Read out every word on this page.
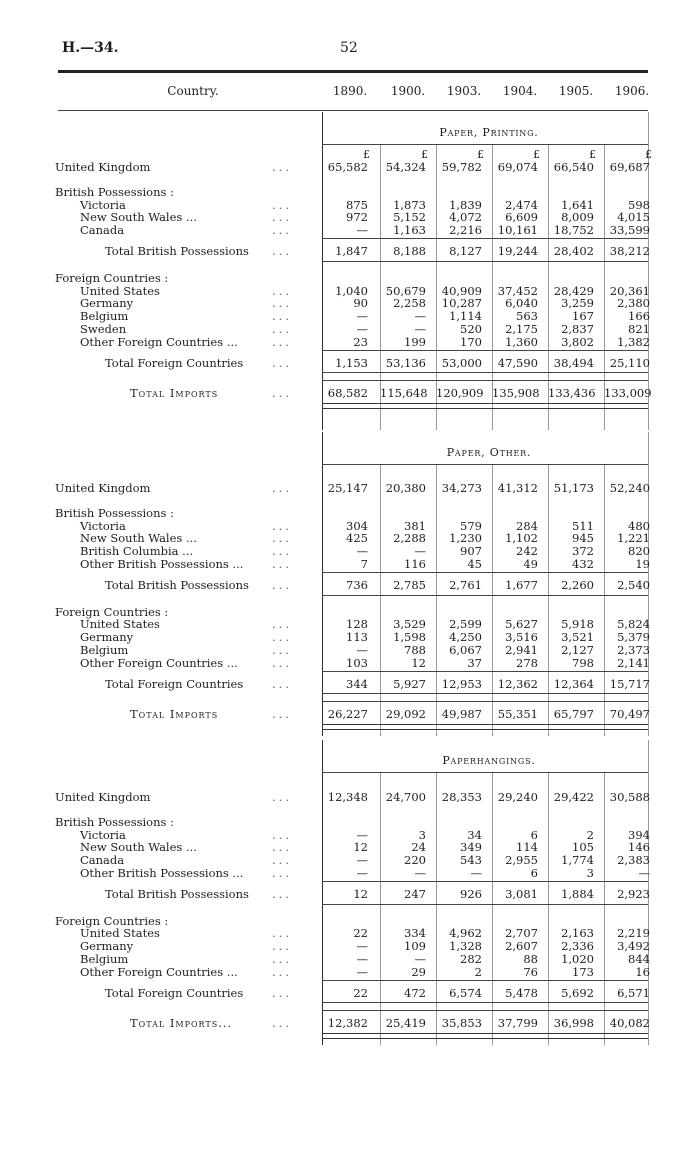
H.—34.	52
Country.	1890.	1900.	1903.	1904.	1905.	1906.
Paper, Printing.
£	£	£	£	£	£
United Kingdom	...	65,582	54,324	59,782	69,074	66,540	69,687
British Possessions :
Victoria	...	875	1,873	1,839	2,474	1,641	598
New South Wales ...	...	972	5,152	4,072	6,609	8,009	4,015
Canada	...	—	1,163	2,216	10,161	18,752	33,599
Total British Possessions ...	1,847	8,188	8,127	19,244	28,402	38,212
Foreign Countries :
United States	...	1,040	50,679	40,909	37,452	28,429	20,361
Germany	...	90	2,258	10,287	6,040	3,259	2,380
Belgium	...	—	—	1,114	563	167	166
Sweden	...	—	—	520	2,175	2,837	821
Other Foreign Countries ...	...	23	199	170	1,360	3,802	1,382
Total Foreign Countries	...	1,153	53,136	53,000	47,590	38,494	25,110
Total Imports	...	68,582 115,648 120,909 135,908 133,436 133,009
Paper, Other.
United Kingdom	...	25,147	20,380	34,273	41,312	51,173	52,240
British Possessions :
Victoria	...	304	381	579	284	511	480
New South Wales ...	...	425	2,288	1,230	1,102	945	1,221
British Columbia ...	...	—	—	907	242	372	820
Other British Possessions ... ...	7	116	45	49	432	19
Total British Possessions ...	736	2,785	2,761	1,677	2,260	2,540
Foreign Countries :
United States	...	128	3,529	2,599	5,627	5,918	5,824
Germany	...	113	1,598	4,250	3,516	3,521	5,379
Belgium	...	—	788	6,067	2,941	2,127	2,373
Other Foreign Countries ...	...	103	12	37	278	798	2,141
Total Foreign Countries	...	344	5,927	12,953	12,362	12,364	15,717
Total Imports	...	26,227	29,092	49,987	55,351	65,797	70,497
Paperhangings.
United Kingdom	...	12,348	24,700	28,353	29,240	29,422	30,588
British Possessions :
Victoria	...	—	3	34	6	2	394
New South Wales ...	...	12	24	349	114	105	146
Canada	...	—	220	543	2,955	1,774	2,383
Other British Possessions ... ...	—	—	—	6	3	—
Total British Possessions ...	12	247	926	3,081	1,884	2,923
Foreign Countries :
United States	...	22	334	4,962	2,707	2,163	2,219
Germany	...	—	109	1,328	2,607	2,336	3,492
Belgium	...	—	—	282	88	1,020	844
Other Foreign Countries ...	...	—	29	2	76	173	16
Total Foreign Countries	...	22	472	6,574	5,478	5,692	6,571
Total Imports...	...	12,382	25,419	35,853	37,799	36,998	40,082
